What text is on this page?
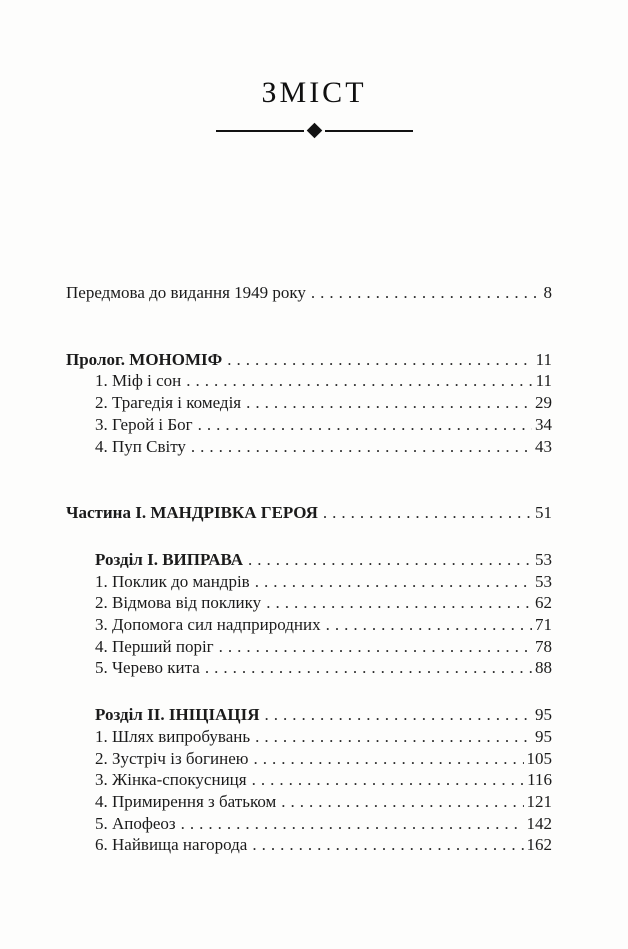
ЗМІСТ
Передмова до видання 1949 року .....	8
Пролог. МОНОМІФ .....	11
1. Міф і сон .....	11
2. Трагедія і комедія .....	29
3. Герой і Бог .....	34
4. Пуп Світу .....	43
Частина I. МАНДРІВКА ГЕРОЯ .....	51
Розділ I. ВИПРАВА .....	53
1. Поклик до мандрів .....	53
2. Відмова від поклику .....	62
3. Допомога сил надприродних .....	71
4. Перший поріг .....	78
5. Черево кита .....	88
Розділ II. ІНІЦІАЦІЯ .....	95
1. Шлях випробувань .....	95
2. Зустріч із богинею .....	105
3. Жінка-спокусниця .....	116
4. Примирення з батьком .....	121
5. Апофеоз .....	142
6. Найвища нагорода .....	162
